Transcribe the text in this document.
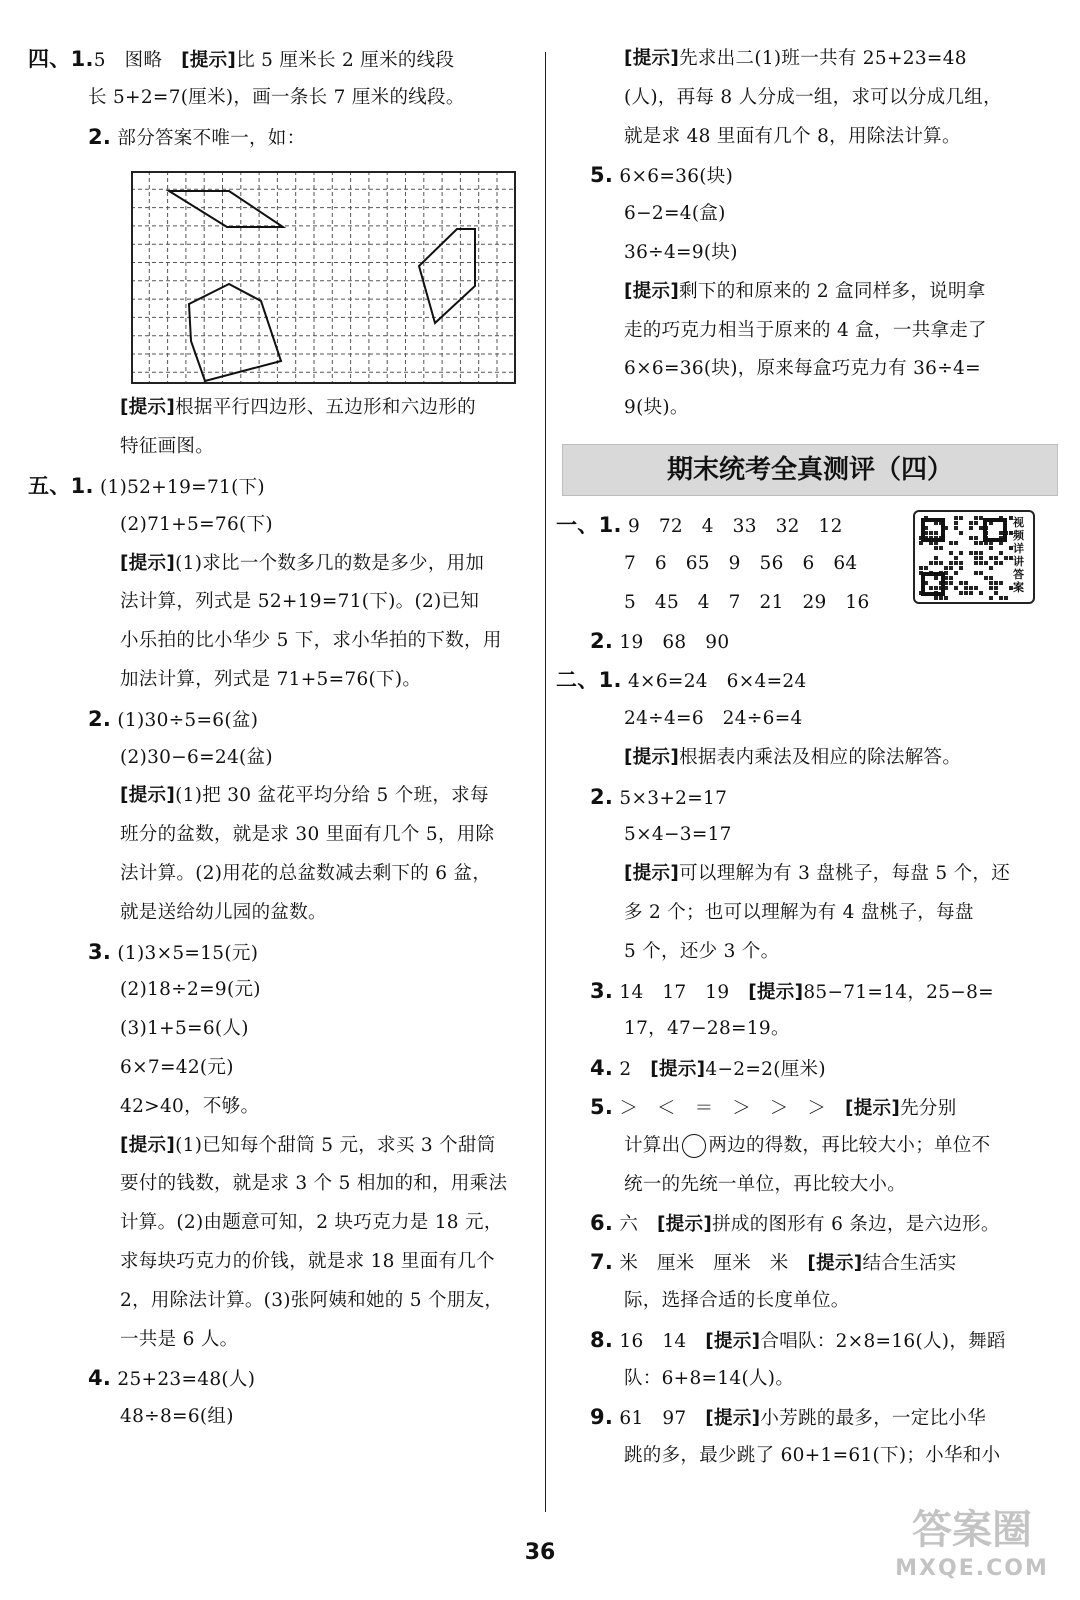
四、1.5　图略　[提示]比 5 厘米长 2 厘米的线段
长 5+2=7(厘米)，画一条长 7 厘米的线段。
2. 部分答案不唯一，如：
[提示]根据平行四边形、五边形和六边形的
特征画图。
五、1. (1)52+19=71(下)
(2)71+5=76(下)
[提示](1)求比一个数多几的数是多少，用加
法计算，列式是 52+19=71(下)。(2)已知
小乐拍的比小华少 5 下，求小华拍的下数，用
加法计算，列式是 71+5=76(下)。
2. (1)30÷5=6(盆)
(2)30−6=24(盆)
[提示](1)把 30 盆花平均分给 5 个班，求每
班分的盆数，就是求 30 里面有几个 5，用除
法计算。(2)用花的总盆数减去剩下的 6 盆，
就是送给幼儿园的盆数。
3. (1)3×5=15(元)
(2)18÷2=9(元)
(3)1+5=6(人)
6×7=42(元)
42>40，不够。
[提示](1)已知每个甜筒 5 元，求买 3 个甜筒
要付的钱数，就是求 3 个 5 相加的和，用乘法
计算。(2)由题意可知，2 块巧克力是 18 元，
求每块巧克力的价钱，就是求 18 里面有几个
2，用除法计算。(3)张阿姨和她的 5 个朋友，
一共是 6 人。
4. 25+23=48(人)
48÷8=6(组)
[提示]先求出二(1)班一共有 25+23=48
(人)，再每 8 人分成一组，求可以分成几组，
就是求 48 里面有几个 8，用除法计算。
5. 6×6=36(块)
6−2=4(盒)
36÷4=9(块)
[提示]剩下的和原来的 2 盒同样多，说明拿
走的巧克力相当于原来的 4 盒，一共拿走了
6×6=36(块)，原来每盒巧克力有 36÷4=
9(块)。
一、1. 9　72　4　33　32　12
7　6　65　9　56　6　64
5　45　4　7　21　29　16
2. 19　68　90
二、1. 4×6=24　6×4=24
24÷4=6　24÷6=4
[提示]根据表内乘法及相应的除法解答。
2. 5×3+2=17
5×4−3=17
[提示]可以理解为有 3 盘桃子，每盘 5 个，还
多 2 个；也可以理解为有 4 盘桃子，每盘
5 个，还少 3 个。
3. 14　17　19　[提示]85−71=14，25−8=
17，47−28=19。
4. 2　[提示]4−2=2(厘米)
5. ＞　＜　＝　＞　＞　＞　[提示]先分别
计算出 两边的得数，再比较大小；单位不
统一的先统一单位，再比较大小。
6. 六　[提示]拼成的图形有 6 条边，是六边形。
7. 米　厘米　厘米　米　[提示]结合生活实
际，选择合适的长度单位。
8. 16　14　[提示]合唱队：2×8=16(人)，舞蹈
队：6+8=14(人)。
9. 61　97　[提示]小芳跳的最多，一定比小华
跳的多，最少跳了 60+1=61(下)；小华和小
期末统考全真测评（四）
视频详讲答案
36	答案圈
MXQE.COM
